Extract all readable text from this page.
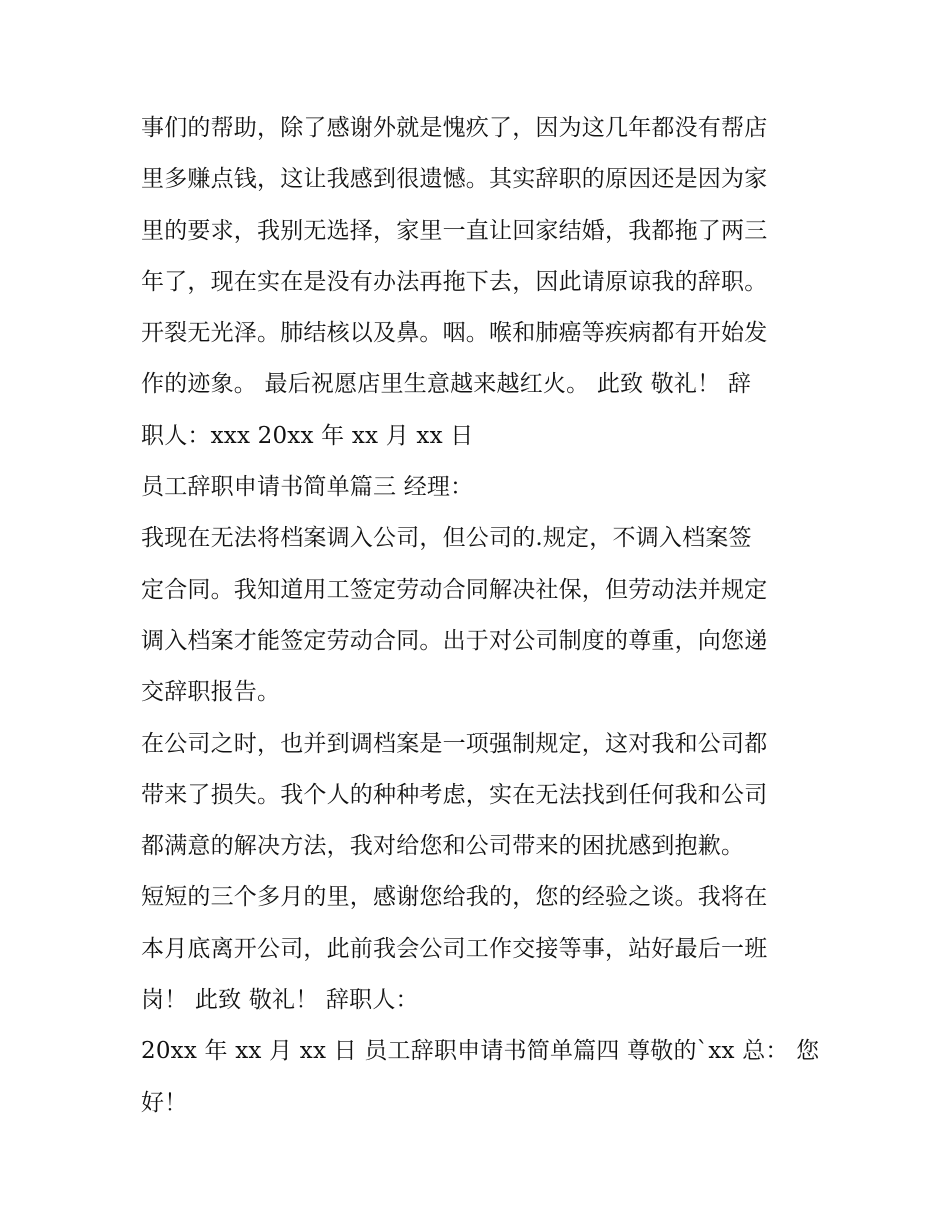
事们的帮助，除了感谢外就是愧疚了，因为这几年都没有帮店
里多赚点钱，这让我感到很遗憾。其实辞职的原因还是因为家
里的要求，我别无选择，家里一直让回家结婚，我都拖了两三
年了，现在实在是没有办法再拖下去，因此请原谅我的辞职。
开裂无光泽。肺结核以及鼻。咽。喉和肺癌等疾病都有开始发
作的迹象。 最后祝愿店里生意越来越红火。 此致 敬礼！ 辞
职人：xxx 20xx 年 xx 月 xx 日
员工辞职申请书简单篇三 经理：
我现在无法将档案调入公司，但公司的.规定，不调入档案签
定合同。我知道用工签定劳动合同解决社保，但劳动法并规定
调入档案才能签定劳动合同。出于对公司制度的尊重，向您递
交辞职报告。
在公司之时，也并到调档案是一项强制规定，这对我和公司都
带来了损失。我个人的种种考虑，实在无法找到任何我和公司
都满意的解决方法，我对给您和公司带来的困扰感到抱歉。
短短的三个多月的里，感谢您给我的，您的经验之谈。我将在
本月底离开公司，此前我会公司工作交接等事，站好最后一班
岗！ 此致 敬礼！ 辞职人：
20xx 年 xx 月 xx 日 员工辞职申请书简单篇四 尊敬的`xx 总： 您
好！
